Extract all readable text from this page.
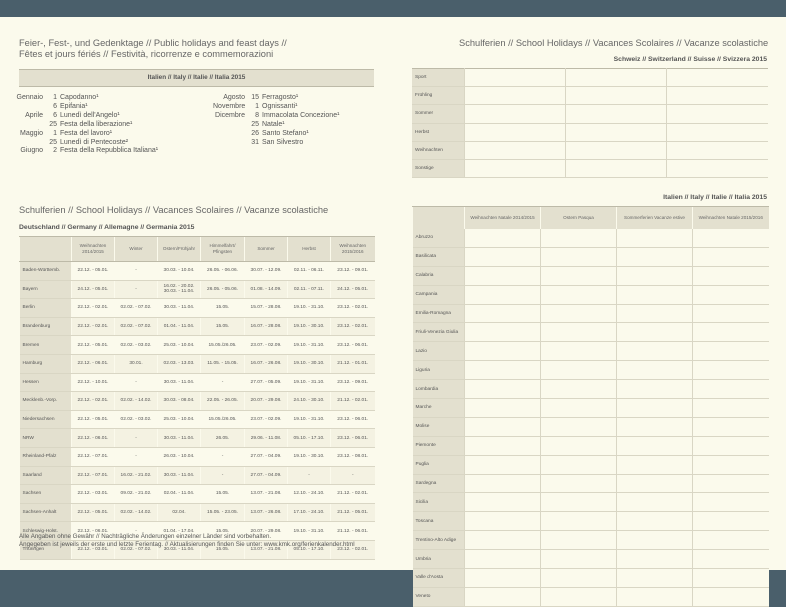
Feier-, Fest-, und Gedenktage // Public holidays and feast days //
Fêtes et jours fériés // Festività, ricorrenze e commemorazioni
Italien // Italy // Italie // Italia 2015
Gennaio	1 Capodanno¹
6 Epifania¹
Aprile	6 Lunedì dell'Angelo¹
25 Festa della liberazione¹
Maggio	1 Festa del lavoro¹
25 Lunedì di Pentecoste²
Giugno	2 Festa della Repubblica Italiana¹
Agosto 15 Ferragosto¹
Novembre	1 Ognissanti¹
Dicembre	8 Immacolata Concezione¹
25 Natale¹
26 Santo Stefano¹
31 San Silvestro
Schulferien // School Holidays // Vacances Scolaires // Vacanze scolastiche
Deutschland // Germany // Allemagne // Germania 2015
	Weihnachten 2014/2015	Winter	Ostern/Frühjahr	Himmelfahrt/ Pfingsten	Sommer	Herbst	Weihnachten 2015/2016
Baden-Württemb.	22.12. - 05.01.	-	30.03. - 10.04.	26.05. - 06.06.	30.07. - 12.09.	02.11. - 06.11.	23.12. - 09.01.
Bayern	24.12. - 05.01.	-	16.02. - 20.02. 30.03. - 11.04.	26.05. - 05.06.	01.08. - 14.09.	02.11. - 07.11.	24.12. - 05.01.
Berlin	22.12. - 02.01.	02.02. - 07.02.	30.03. - 11.04.	15.05.	15.07. - 28.08.	19.10. - 31.10.	23.12. - 02.01.
Brandenburg	22.12. - 02.01.	02.02. - 07.02.	01.04. - 11.04.	15.05.	16.07. - 28.08.	19.10. - 30.10.	23.12. - 02.01.
Bremen	22.12. - 05.01.	02.02. - 03.02.	25.03. - 10.04.	15.05./26.05.	23.07. - 02.09.	19.10. - 31.10.	23.12. - 06.01.
Hamburg	22.12. - 06.01.	30.01.	02.03. - 13.03.	11.05. - 15.05.	16.07. - 26.08.	19.10. - 30.10.	21.12. - 01.01.
Hessen	22.12. - 10.01.	-	30.03. - 11.04.	-	27.07. - 05.09.	19.10. - 31.10.	23.12. - 09.01.
Mecklenb.-Vorp.	22.12. - 02.01.	02.02. - 14.02.	30.03. - 08.04.	22.05. - 26.05.	20.07. - 29.08.	24.10. - 30.10.	21.12. - 02.01.
Niedersachsen	22.12. - 05.01.	02.02. - 03.02.	25.03. - 10.04.	15.05./26.05.	23.07. - 02.09.	19.10. - 31.10.	23.12. - 06.01.
NRW	22.12. - 06.01.	-	30.03. - 11.04.	26.05.	29.06. - 11.08.	05.10. - 17.10.	23.12. - 06.01.
Rheinland-Pfalz	22.12. - 07.01.	-	26.03. - 10.04.	-	27.07. - 04.09.	19.10. - 30.10.	23.12. - 08.01.
Saarland	22.12. - 07.01.	16.02. - 21.02.	30.03. - 11.04.	-	27.07. - 04.09.	-	-
Sachsen	22.12. - 03.01.	09.02. - 21.02.	02.04. - 11.04.	15.05.	13.07. - 21.08.	12.10. - 24.10.	21.12. - 02.01.
Sachsen-Anhalt	22.12. - 05.01.	02.02. - 14.02.	02.04.	15.05. - 23.05.	13.07. - 26.08.	17.10. - 24.10.	21.12. - 05.01.
Schleswig-Holst.	22.12. - 06.01.	-	01.04. - 17.04.	15.05.	20.07. - 29.08.	19.10. - 31.10.	21.12. - 06.01.
Thüringen	22.12. - 03.01.	02.02. - 07.02.	30.03. - 11.04.	15.05.	13.07. - 21.08.	05.10. - 17.10.	23.12. - 02.01.
Alle Angaben ohne Gewähr // Nachträgliche Änderungen einzelner Länder sind vorbehalten.
Angegeben ist jeweils der erste und letzte Ferientag. // Aktualisierungen finden Sie unter: www.kmk.org/ferienkalender.html
Schulferien // School Holidays // Vacances Scolaires // Vacanze scolastiche
Schweiz // Switzerland // Suisse // Svizzera 2015
Sport			
Frühling			
Sommer			
Herbst			
Weihnachten			
Sonstige			
Italien // Italy // Italie // Italia 2015
	Weihnachten Natale 2014/2015	Ostern Pasqua	Sommerferien Vacanze estive	Weihnachten Natale 2015/2016
Abruzzo				
Basilicata				
Calabria				
Campania				
Emilia-Romagna				
Friuli-Venezia Giulia				
Lazio				
Liguria				
Lombardia				
Marche				
Molise				
Piemonte				
Puglia				
Sardegna				
Sicilia				
Toscana				
Trentino-Alto Adige				
Umbria				
Valle d'Aosta				
Veneto				
